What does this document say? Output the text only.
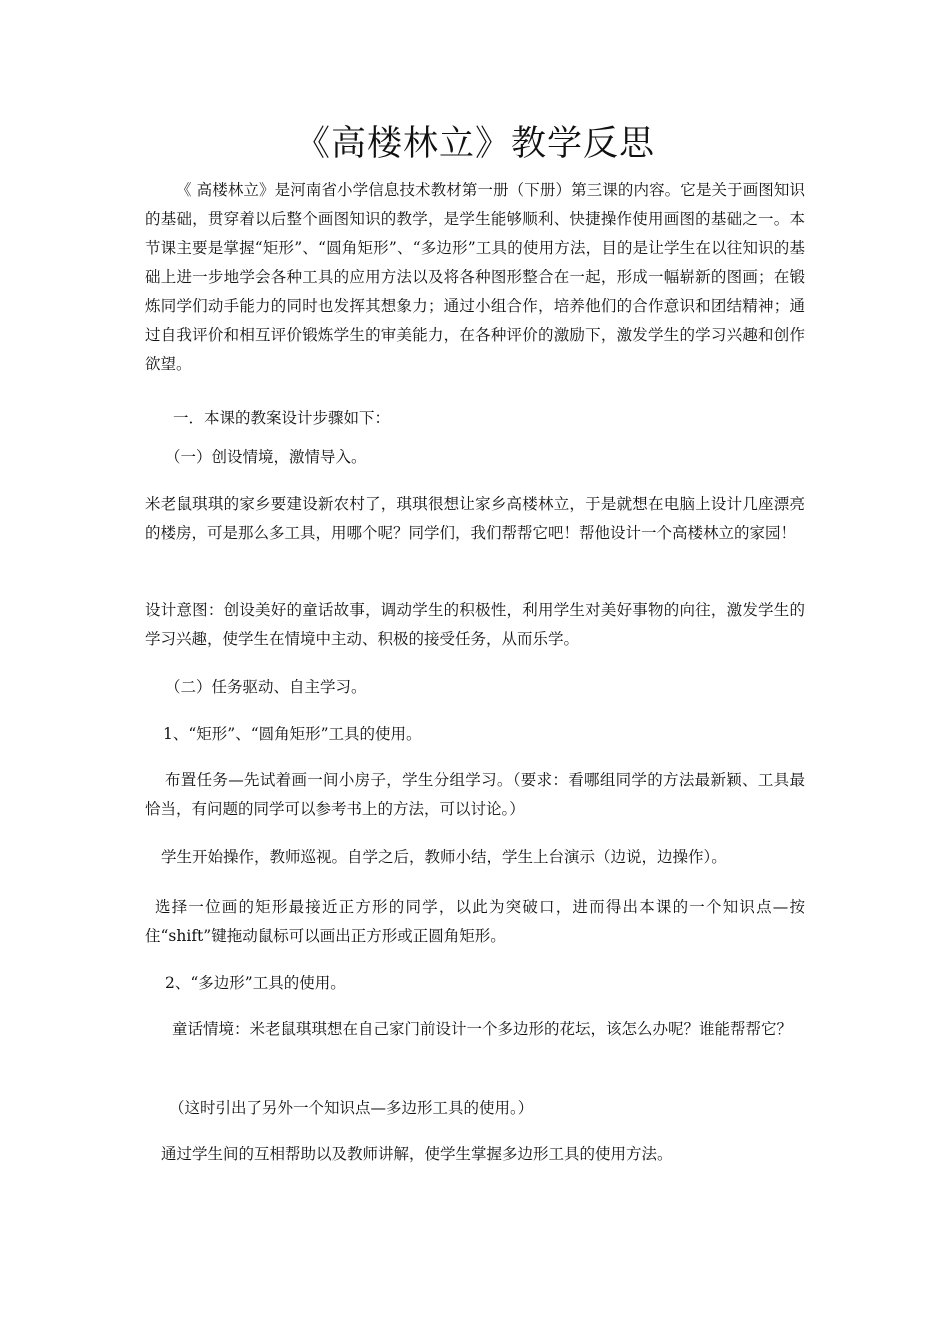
《高楼林立》教学反思

《 高楼林立》是河南省小学信息技术教材第一册（下册）第三课的内容。它是关于画图知识的基础，贯穿着以后整个画图知识的教学，是学生能够顺利、快捷操作使用画图的基础之一。本节课主要是掌握“矩形”、“圆角矩形”、“多边形”工具的使用方法，目的是让学生在以往知识的基础上进一步地学会各种工具的应用方法以及将各种图形整合在一起，形成一幅崭新的图画；在锻炼同学们动手能力的同时也发挥其想象力；通过小组合作，培养他们的合作意识和团结精神；通过自我评价和相互评价锻炼学生的审美能力，在各种评价的激励下，激发学生的学习兴趣和创作欲望。

一．本课的教案设计步骤如下：

（一）创设情境，激情导入。

米老鼠琪琪的家乡要建设新农村了，琪琪很想让家乡高楼林立，于是就想在电脑上设计几座漂亮的楼房，可是那么多工具，用哪个呢？同学们，我们帮帮它吧！帮他设计一个高楼林立的家园！

设计意图：创设美好的童话故事，调动学生的积极性，利用学生对美好事物的向往，激发学生的学习兴趣，使学生在情境中主动、积极的接受任务，从而乐学。

（二）任务驱动、自主学习。

1、“矩形”、“圆角矩形”工具的使用。

布置任务—先试着画一间小房子，学生分组学习。（要求：看哪组同学的方法最新颖、工具最恰当，有问题的同学可以参考书上的方法，可以讨论。）

学生开始操作，教师巡视。自学之后，教师小结，学生上台演示（边说，边操作）。

选择一位画的矩形最接近正方形的同学，以此为突破口，进而得出本课的一个知识点—按住“shift”键拖动鼠标可以画出正方形或正圆角矩形。

2、“多边形”工具的使用。

童话情境：米老鼠琪琪想在自己家门前设计一个多边形的花坛，该怎么办呢？谁能帮帮它？

（这时引出了另外一个知识点—多边形工具的使用。）

通过学生间的互相帮助以及教师讲解，使学生掌握多边形工具的使用方法。
